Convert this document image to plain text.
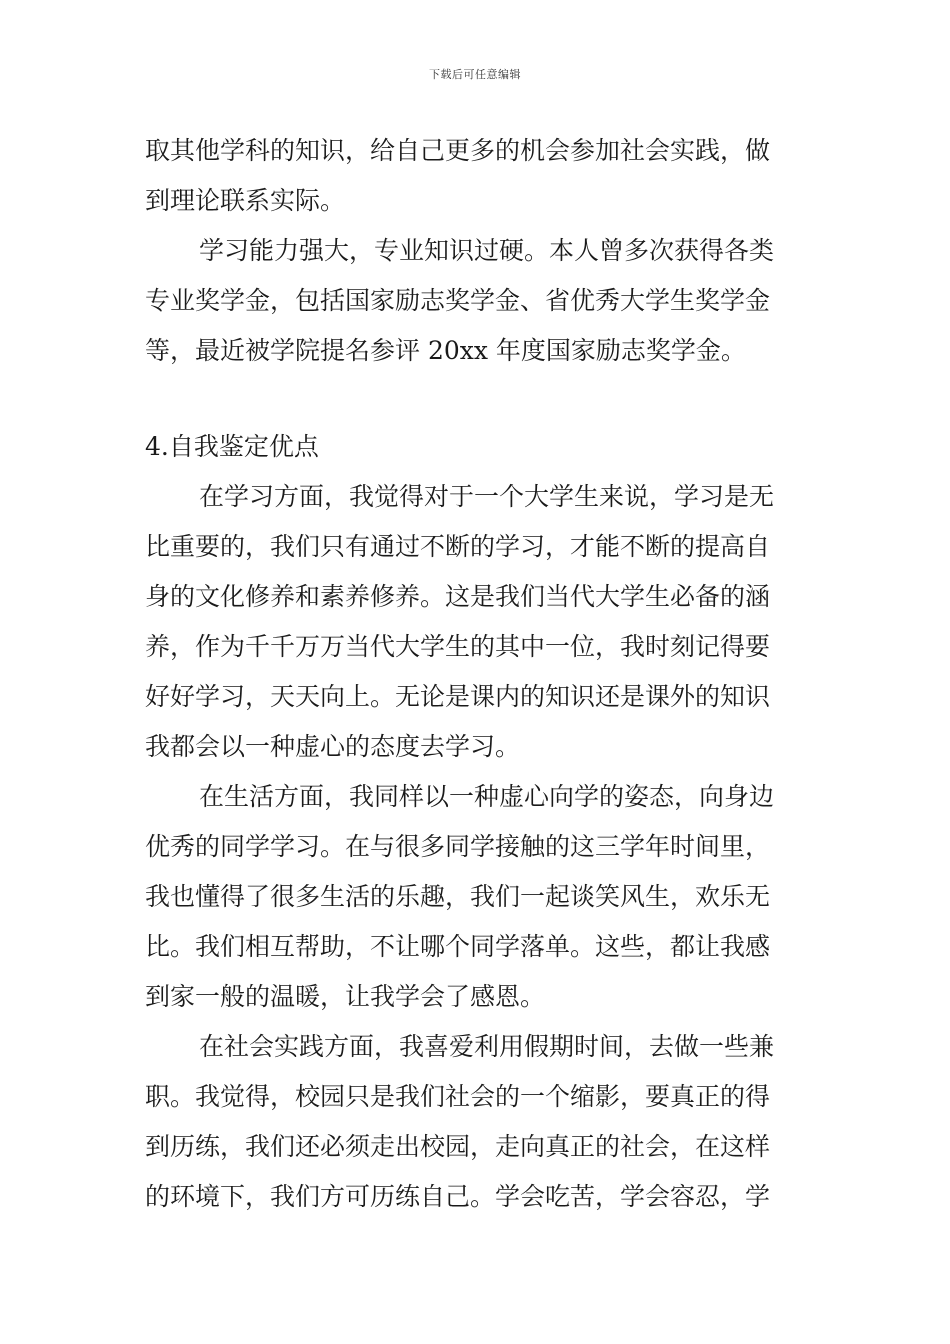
下载后可任意编辑
取其他学科的知识，给自己更多的机会参加社会实践，做
到理论联系实际。
学习能力强大，专业知识过硬。本人曾多次获得各类
专业奖学金，包括国家励志奖学金、省优秀大学生奖学金
等，最近被学院提名参评 20xx 年度国家励志奖学金。
4.自我鉴定优点
在学习方面，我觉得对于一个大学生来说，学习是无
比重要的，我们只有通过不断的学习，才能不断的提高自
身的文化修养和素养修养。这是我们当代大学生必备的涵
养，作为千千万万当代大学生的其中一位，我时刻记得要
好好学习，天天向上。无论是课内的知识还是课外的知识
我都会以一种虚心的态度去学习。
在生活方面，我同样以一种虚心向学的姿态，向身边
优秀的同学学习。在与很多同学接触的这三学年时间里，
我也懂得了很多生活的乐趣，我们一起谈笑风生，欢乐无
比。我们相互帮助，不让哪个同学落单。这些，都让我感
到家一般的温暖，让我学会了感恩。
在社会实践方面，我喜爱利用假期时间，去做一些兼
职。我觉得，校园只是我们社会的一个缩影，要真正的得
到历练，我们还必须走出校园，走向真正的社会，在这样
的环境下，我们方可历练自己。学会吃苦，学会容忍，学
